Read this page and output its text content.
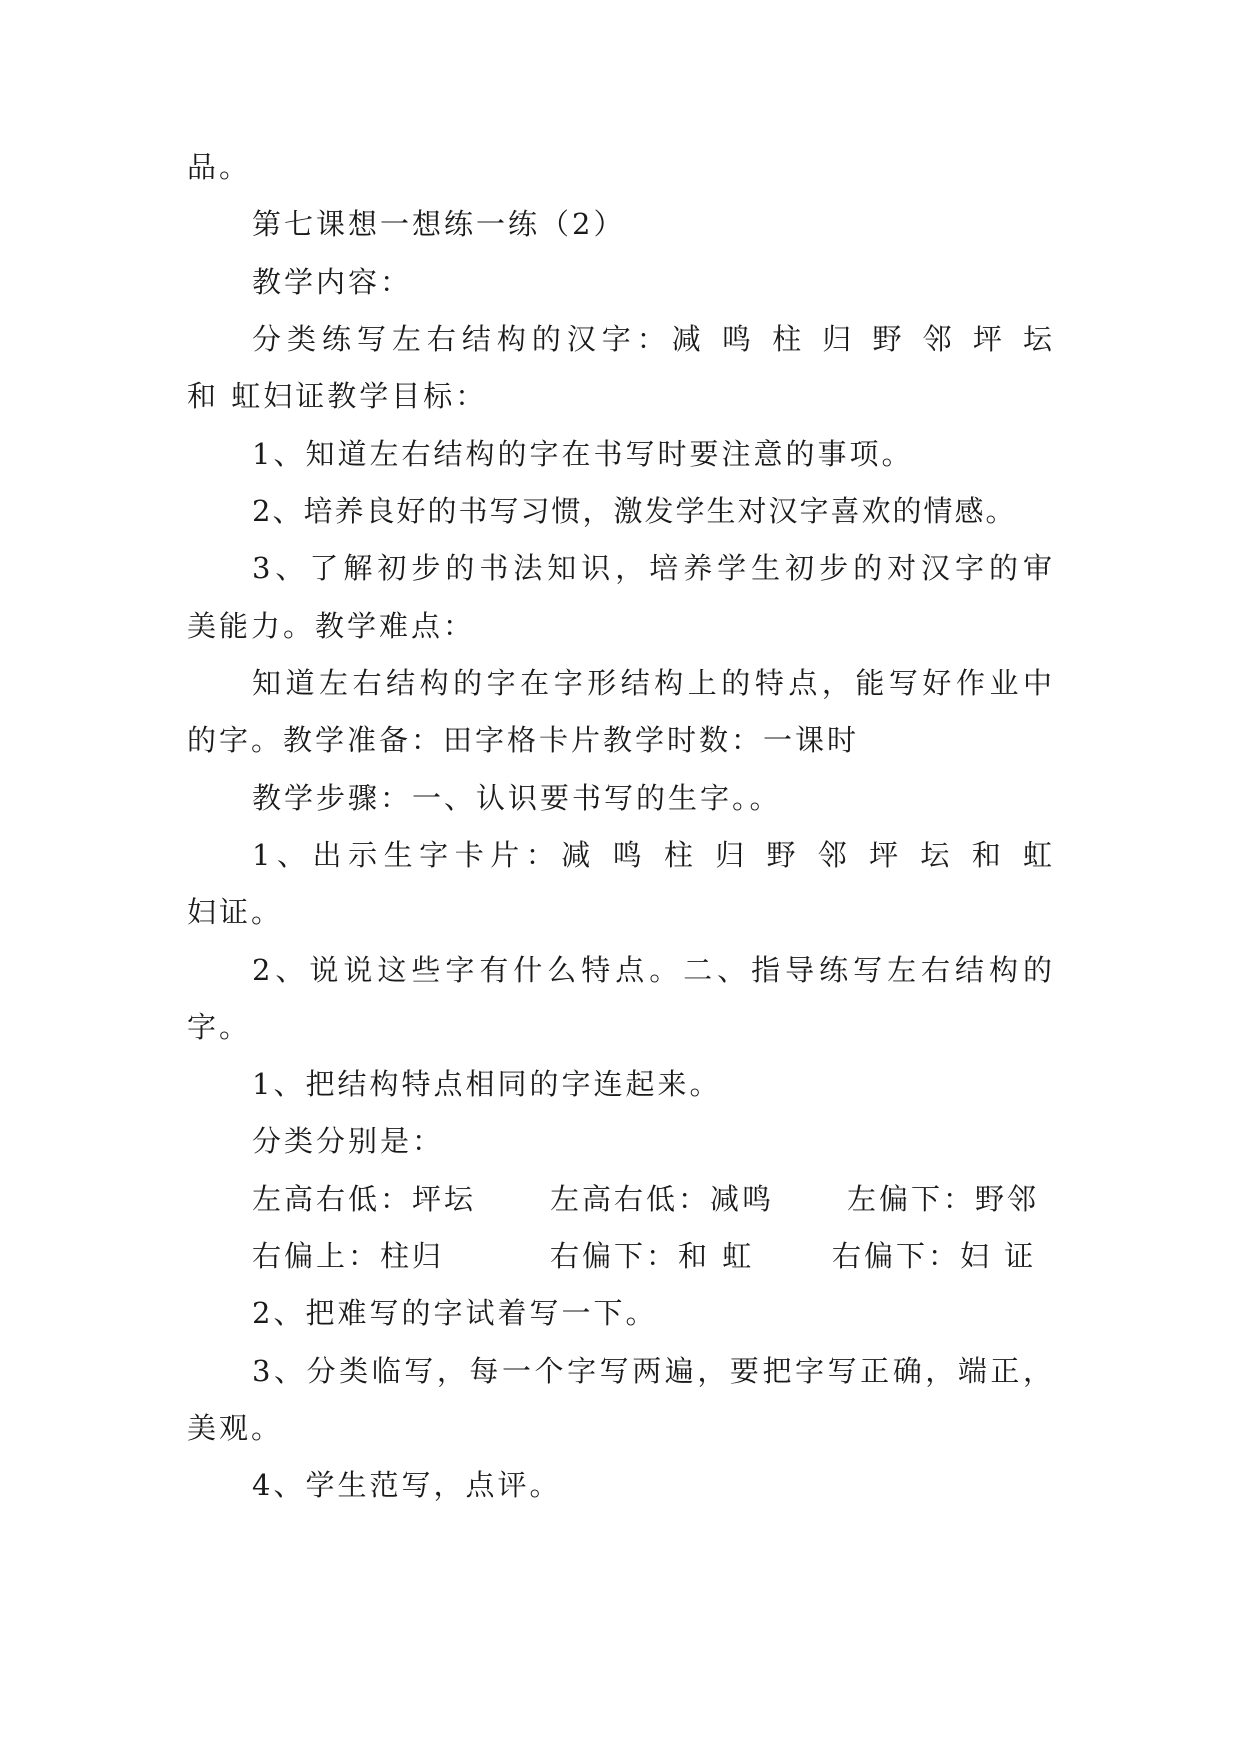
品。
第七课想一想练一练（2）
教学内容：
分类练写左右结构的汉字：减 鸣 柱 归 野 邻 坪 坛
和 虹妇证教学目标：
1、知道左右结构的字在书写时要注意的事项。
2、培养良好的书写习惯，激发学生对汉字喜欢的情感。
3、了解初步的书法知识，培养学生初步的对汉字的审
美能力。教学难点：
知道左右结构的字在字形结构上的特点，能写好作业中
的字。教学准备：田字格卡片教学时数：一课时
教学步骤：一、认识要书写的生字。。
1、出示生字卡片：减 鸣 柱 归 野 邻 坪 坛 和 虹
妇证。
2、说说这些字有什么特点。二、指导练写左右结构的
字。
1、把结构特点相同的字连起来。
分类分别是：
左高右低：坪坛	左高右低：减鸣	左偏下：野邻
右偏上：柱归	右偏下：和 虹	右偏下：妇 证
2、把难写的字试着写一下。
3、分类临写，每一个字写两遍，要把字写正确，端正，
美观。
4、学生范写，点评。
